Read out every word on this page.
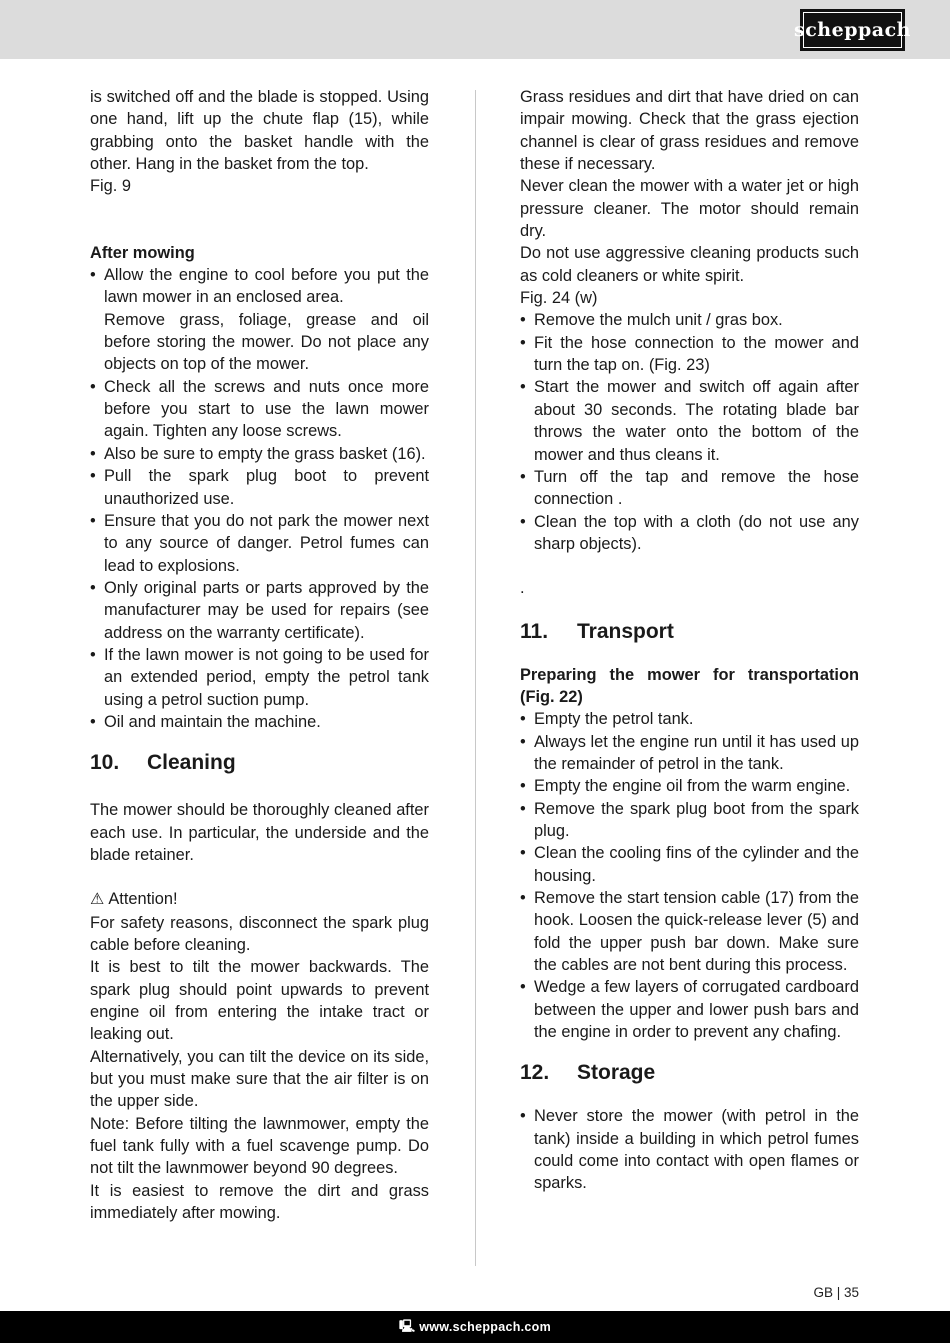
scheppach

is switched off and the blade is stopped. Using one hand, lift up the chute flap (15), while grabbing onto the basket handle with the other. Hang in the basket from the top.

Fig. 9

After mowing

• Allow the engine to cool before you put the lawn mower in an enclosed area.
Remove grass, foliage, grease and oil before storing the mower. Do not place any objects on top of the mower.
• Check all the screws and nuts once more before you start to use the lawn mower again. Tighten any loose screws.
• Also be sure to empty the grass basket (16).
• Pull the spark plug boot to prevent unauthorized use.
• Ensure that you do not park the mower next to any source of danger. Petrol fumes can lead to explosions.
• Only original parts or parts approved by the manufacturer may be used for repairs (see address on the warranty certificate).
• If the lawn mower is not going to be used for an extended period, empty the petrol tank using a petrol suction pump.
• Oil and maintain the machine.
10.	Cleaning

The mower should be thoroughly cleaned after each use. In particular, the underside and the blade retainer.

⚠ Attention!

For safety reasons, disconnect the spark plug cable before cleaning.

It is best to tilt the mower backwards. The spark plug should point upwards to prevent engine oil from entering the intake tract or leaking out.

Alternatively, you can tilt the device on its side, but you must make sure that the air filter is on the upper side.

Note: Before tilting the lawnmower, empty the fuel tank fully with a fuel scavenge pump. Do not tilt the lawnmower beyond 90 degrees.

It is easiest to remove the dirt and grass immediately after mowing.

Grass residues and dirt that have dried on can impair mowing. Check that the grass ejection channel is clear of grass residues and remove these if necessary.

Never clean the mower with a water jet or high pressure cleaner. The motor should remain dry.

Do not use aggressive cleaning products such as cold cleaners or white spirit.

Fig. 24 (w)

• Remove the mulch unit / gras box.
• Fit the hose connection to the mower and turn the tap on. (Fig. 23)
• Start the mower and switch off again after about 30 seconds. The rotating blade bar throws the water onto the bottom of the mower and thus cleans it.
• Turn off the tap and remove the hose connection .
• Clean the top with a cloth (do not use any sharp objects).

.

11.	Transport

Preparing the mower for transportation (Fig. 22)

• Empty the petrol tank.
• Always let the engine run until it has used up the remainder of petrol in the tank.
• Empty the engine oil from the warm engine.
• Remove the spark plug boot from the spark plug.
• Clean the cooling fins of the cylinder and the housing.
• Remove the start tension cable (17) from the hook. Loosen the quick-release lever (5) and fold the upper push bar down. Make sure the cables are not bent during this process.
• Wedge a few layers of corrugated cardboard between the upper and lower push bars and the engine in order to prevent any chafing.
12.	Storage
• Never store the mower (with petrol in the tank) inside a building in which petrol fumes could come into contact with open flames or sparks.
GB | 35
🖳 www.scheppach.com
